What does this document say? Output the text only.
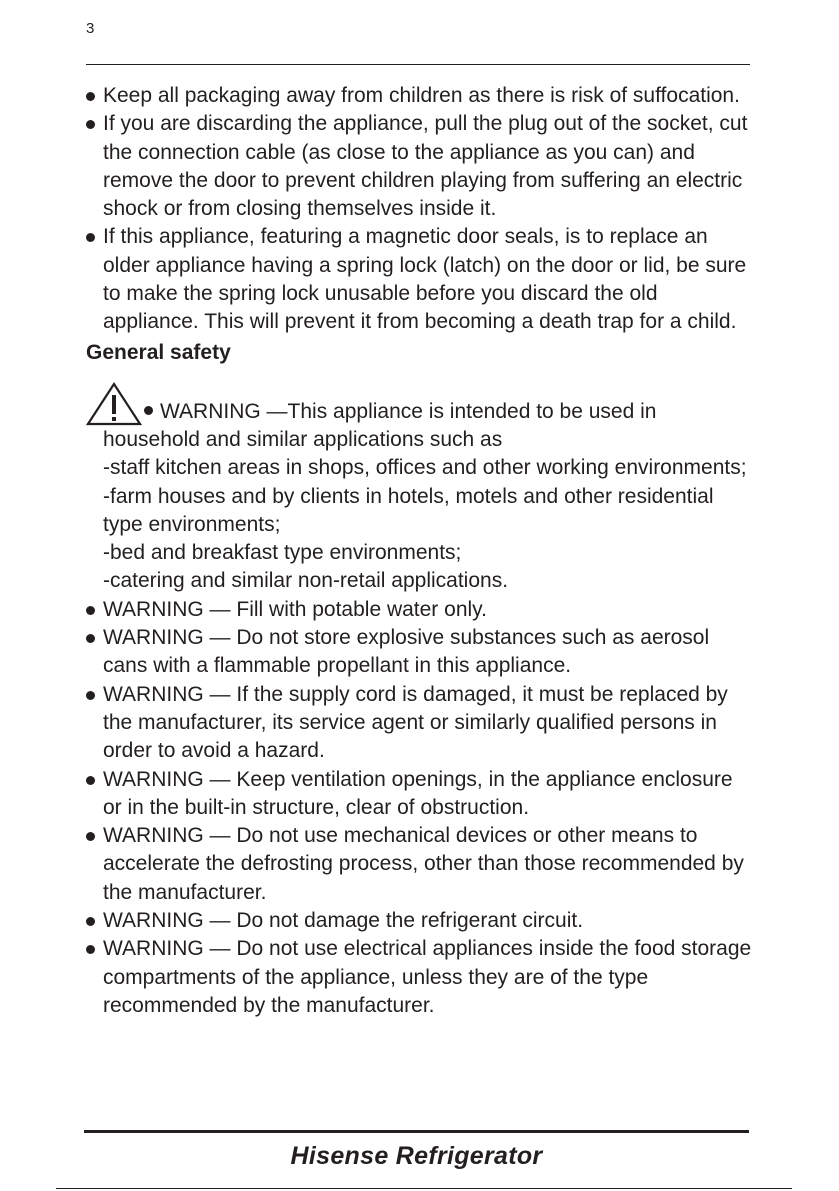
3
Keep all packaging away from children as there is risk of suffocation.
If you are discarding the appliance, pull the plug out of the socket, cut the connection cable (as close to the appliance as you can) and remove the door to prevent children playing from suffering an electric shock or from closing themselves inside it.
If this appliance, featuring a magnetic door seals, is to replace an older appliance having a spring lock (latch) on the door or lid, be sure to make the spring lock unusable before you discard the old appliance. This will prevent it from becoming a death trap for a child.
General safety
WARNING —This appliance is intended to be used in
household and similar applications such as
-staff kitchen areas in shops, offices and other working environments;
-farm houses and by clients in hotels, motels and other residential type environments;
-bed and breakfast type environments;
-catering and similar non-retail applications.
WARNING — Fill with potable water only.
WARNING — Do not store explosive substances such as aerosol cans with a flammable propellant in this appliance.
WARNING — If the supply cord is damaged, it must be replaced by the manufacturer, its service agent or similarly qualified persons in order to avoid a hazard.
WARNING — Keep ventilation openings, in the appliance enclosure or in the built-in structure, clear of obstruction.
WARNING — Do not use mechanical devices or other means to accelerate the defrosting process, other than those recommended by the manufacturer.
WARNING — Do not damage the refrigerant circuit.
WARNING — Do not use electrical appliances inside the food storage compartments of the appliance, unless they are of the type recommended by the manufacturer.
Hisense Refrigerator
